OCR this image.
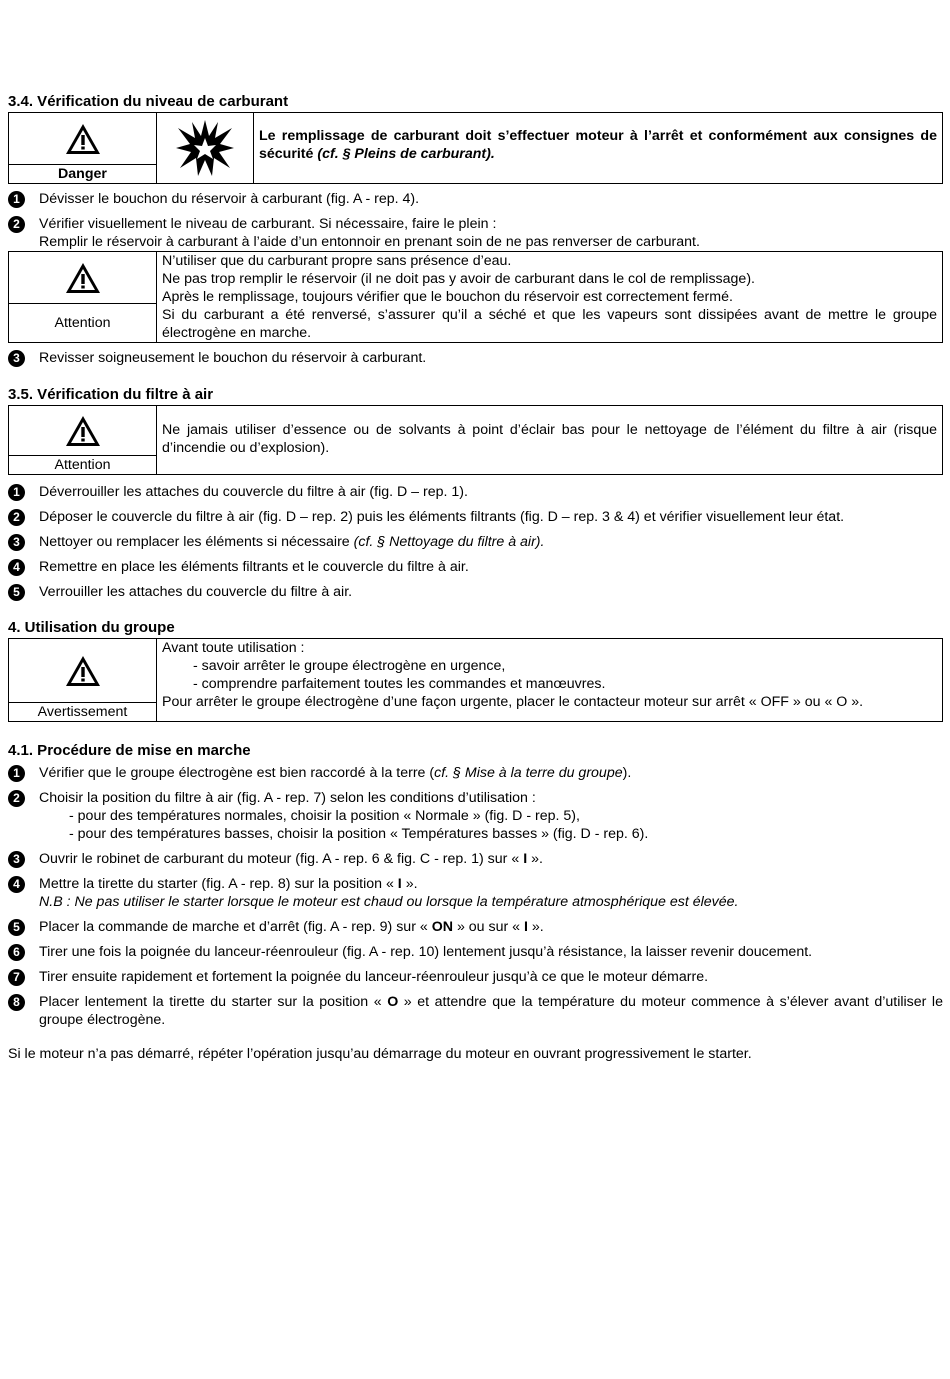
3.4. Vérification du niveau de carburant
Danger
Le remplissage de carburant doit s’effectuer moteur à l’arrêt et conformément aux consignes de sécurité (cf. § Pleins de carburant).
1	Dévisser le bouchon du réservoir à carburant (fig. A - rep. 4).
2	Vérifier visuellement le niveau de carburant. Si nécessaire, faire le plein :
Remplir le réservoir à carburant à l’aide d’un entonnoir en prenant soin de ne pas renverser de carburant.
Attention
N’utiliser que du carburant propre sans présence d’eau.
Ne pas trop remplir le réservoir (il ne doit pas y avoir de carburant dans le col de remplissage).
Après le remplissage, toujours vérifier que le bouchon du réservoir est correctement fermé.
Si du carburant a été renversé, s’assurer qu’il a séché et que les vapeurs sont dissipées avant de mettre le groupe électrogène en marche.
3	Revisser soigneusement le bouchon du réservoir à carburant.
3.5. Vérification du filtre à air
Attention
Ne jamais utiliser d’essence ou de solvants à point d’éclair bas pour le nettoyage de l’élément du filtre à air (risque d’incendie ou d’explosion).
1	Déverrouiller les attaches du couvercle du filtre à air (fig. D – rep. 1).
2	Déposer le couvercle du filtre à air (fig. D – rep. 2) puis les éléments filtrants (fig. D – rep. 3 & 4) et vérifier visuellement leur état.
3	Nettoyer ou remplacer les éléments si nécessaire (cf. § Nettoyage du filtre à air).
4	Remettre en place les éléments filtrants et le couvercle du filtre à air.
5	Verrouiller les attaches du couvercle du filtre à air.
4. Utilisation du groupe
Avertissement
Avant toute utilisation :
- savoir arrêter le groupe électrogène en urgence,
- comprendre parfaitement toutes les commandes et manœuvres.
Pour arrêter le groupe électrogène d’une façon urgente, placer le contacteur moteur sur arrêt « OFF » ou « O ».
4.1. Procédure de mise en marche
1	Vérifier que le groupe électrogène est bien raccordé à la terre (cf. § Mise à la terre du groupe).
2	Choisir la position du filtre à air (fig. A - rep. 7) selon les conditions d’utilisation :
- pour des températures normales, choisir la position « Normale » (fig. D - rep. 5),
- pour des températures basses, choisir la position « Températures basses » (fig. D - rep. 6).
3	Ouvrir le robinet de carburant du moteur (fig. A - rep. 6 & fig. C - rep. 1) sur « I ».
4	Mettre la tirette du starter (fig. A - rep. 8) sur la position « I ».
N.B : Ne pas utiliser le starter lorsque le moteur est chaud ou lorsque la température atmosphérique est élevée.
5	Placer la commande de marche et d’arrêt (fig. A - rep. 9) sur « ON » ou sur « I ».
6	Tirer une fois la poignée du lanceur-réenrouleur (fig. A - rep. 10) lentement jusqu’à résistance, la laisser revenir doucement.
7	Tirer ensuite rapidement et fortement la poignée du lanceur-réenrouleur jusqu’à ce que le moteur démarre.
8	Placer lentement la tirette du starter sur la position « O » et attendre que la température du moteur commence à s’élever avant d’utiliser le groupe électrogène.
Si le moteur n’a pas démarré, répéter l’opération jusqu’au démarrage du moteur en ouvrant progressivement le starter.
